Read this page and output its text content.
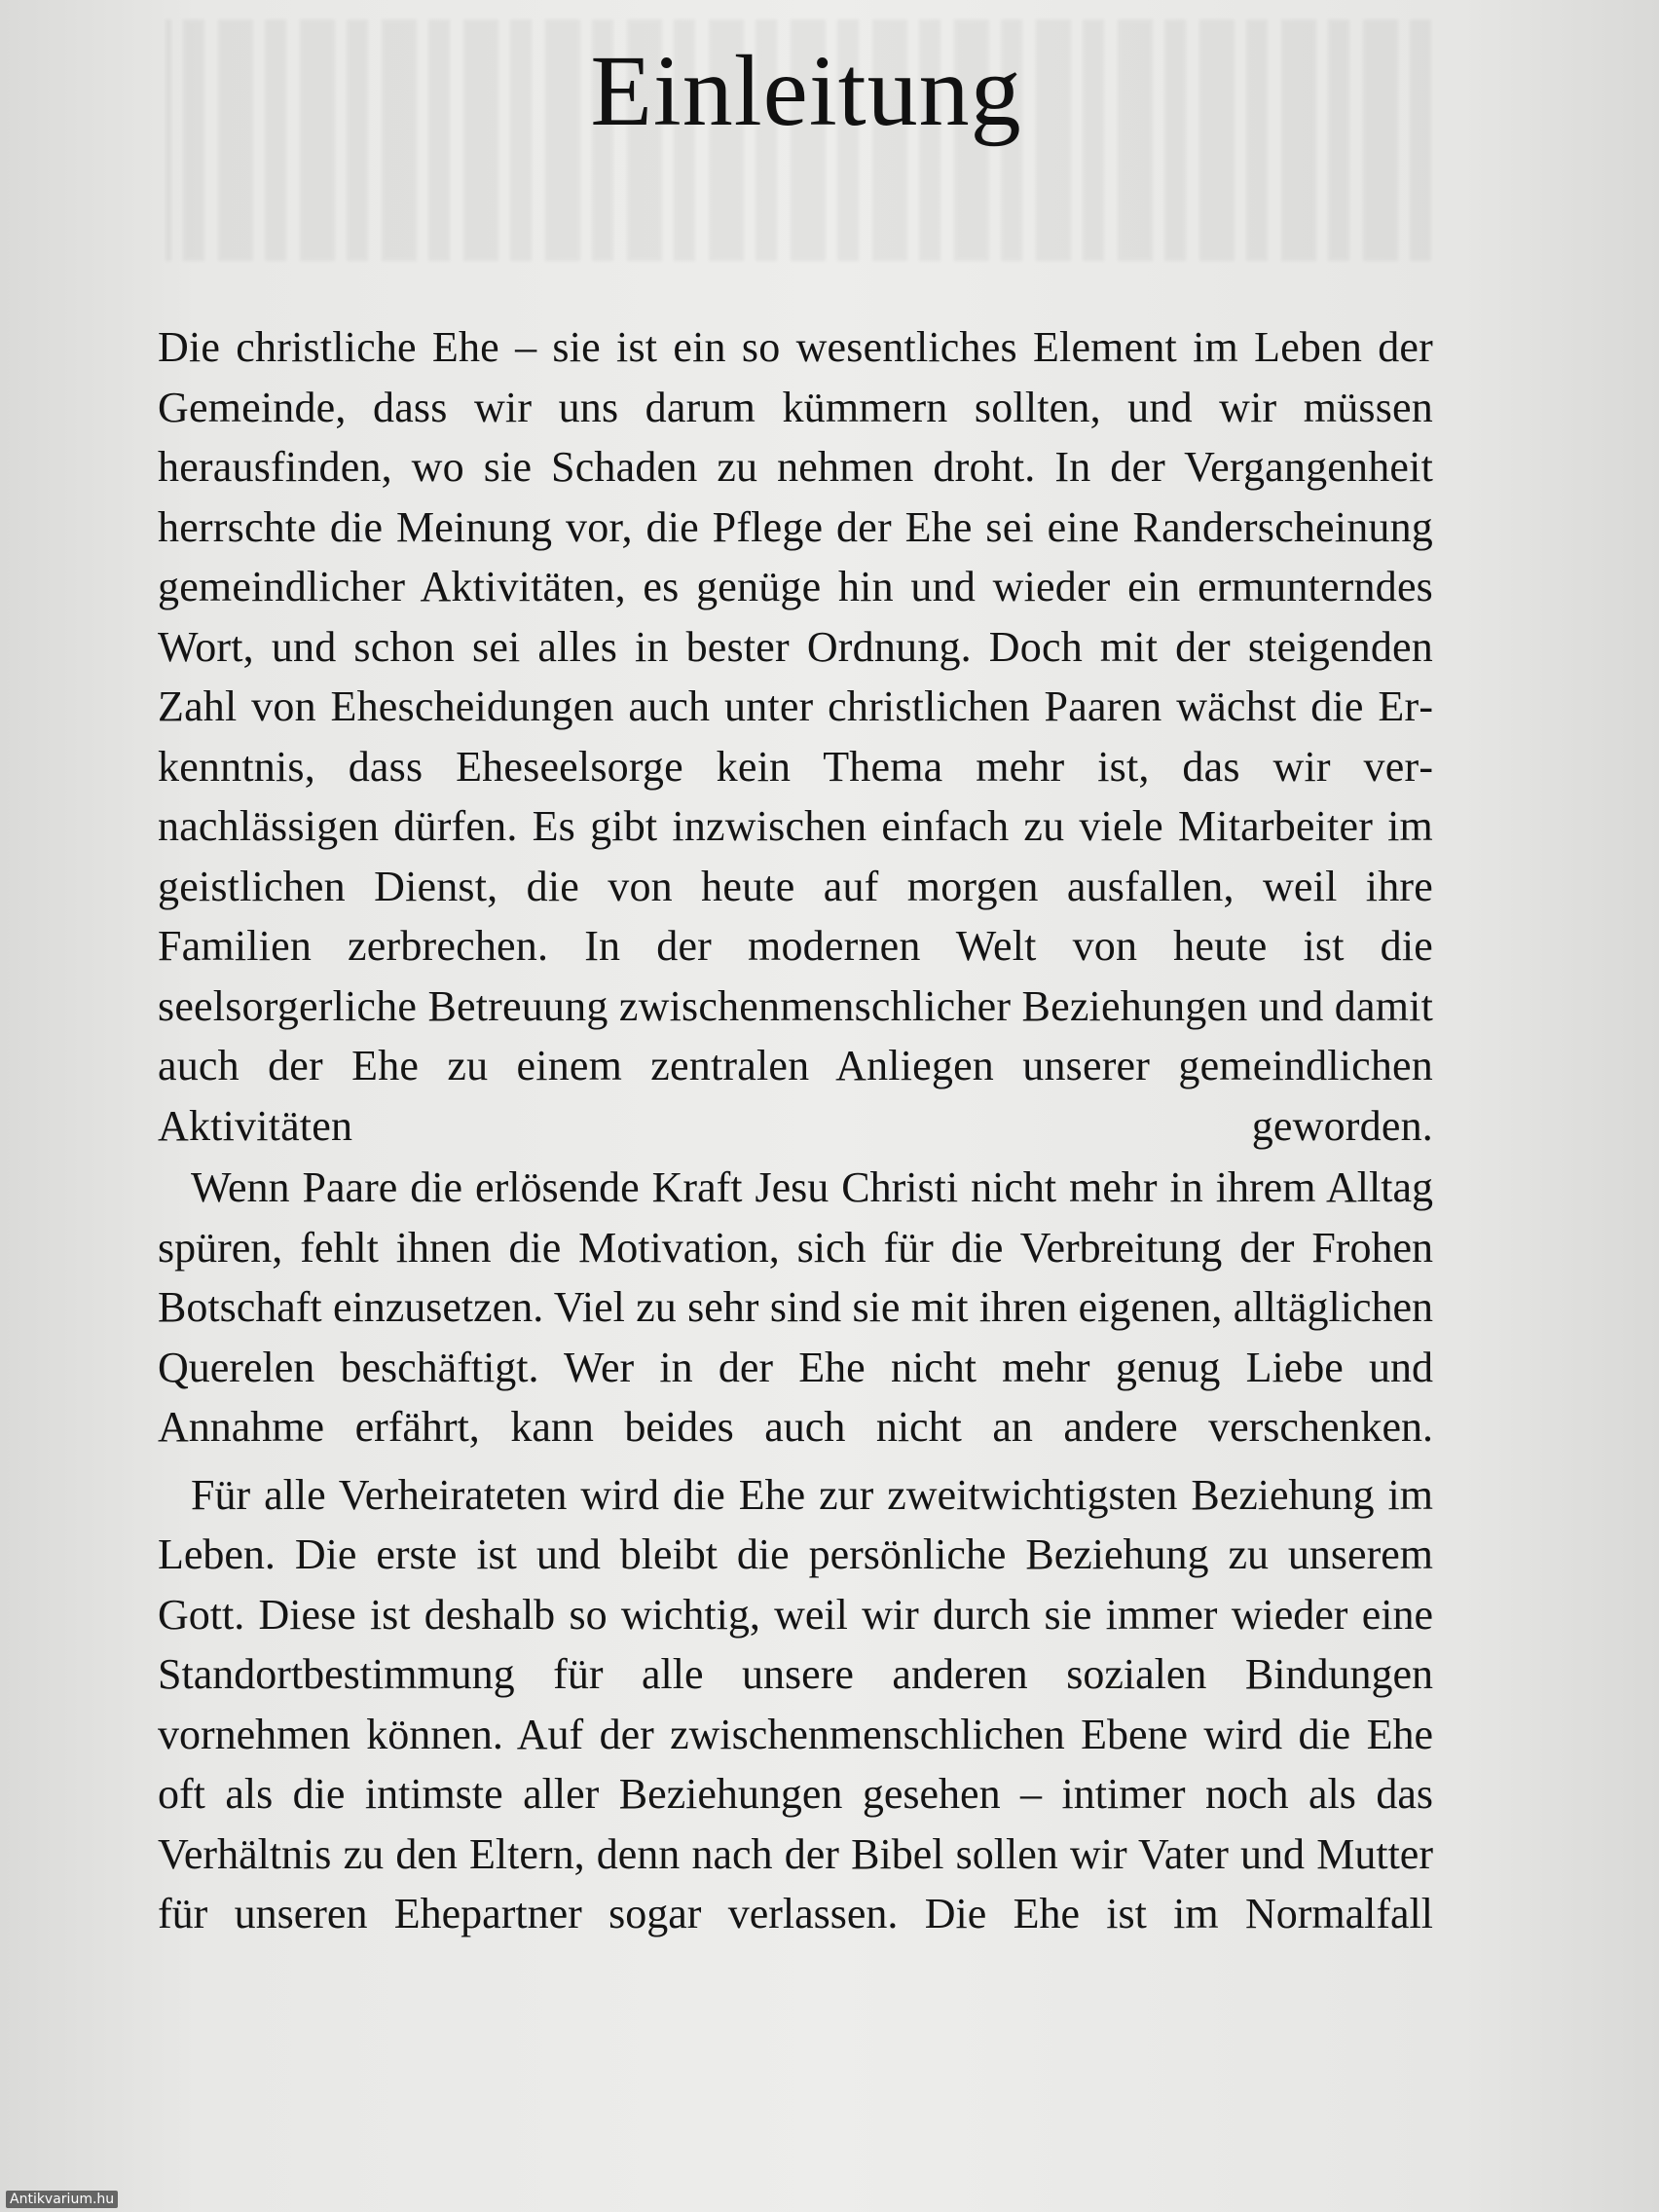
Einleitung

Die christliche Ehe – sie ist ein so wesentliches Element im Leben der Gemeinde, dass wir uns darum kümmern sollten, und wir müssen herausfinden, wo sie Schaden zu nehmen droht. In der Vergangenheit herrschte die Meinung vor, die Pflege der Ehe sei eine Randerscheinung gemeindlicher Aktivitäten, es genüge hin und wieder ein ermunterndes Wort, und schon sei alles in bester Ordnung. Doch mit der steigenden Zahl von Ehescheidungen auch unter christlichen Paaren wächst die Erkenntnis, dass Eheseelsorge kein Thema mehr ist, das wir vernachlässigen dürfen. Es gibt inzwischen einfach zu viele Mitarbeiter im geistlichen Dienst, die von heute auf morgen ausfallen, weil ihre Familien zerbrechen. In der modernen Welt von heute ist die seelsorgerliche Betreuung zwischenmenschlicher Beziehungen und damit auch der Ehe zu einem zentralen Anliegen unserer gemeindlichen Aktivitäten geworden.

Wenn Paare die erlösende Kraft Jesu Christi nicht mehr in ihrem Alltag spüren, fehlt ihnen die Motivation, sich für die Verbreitung der Frohen Botschaft einzusetzen. Viel zu sehr sind sie mit ihren eigenen, alltäglichen Querelen beschäftigt. Wer in der Ehe nicht mehr genug Liebe und Annahme erfährt, kann beides auch nicht an andere verschenken.

Für alle Verheirateten wird die Ehe zur zweitwichtigsten Beziehung im Leben. Die erste ist und bleibt die persönliche Beziehung zu unserem Gott. Diese ist deshalb so wichtig, weil wir durch sie immer wieder eine Standortbestimmung für alle unsere anderen sozialen Bindungen vornehmen können. Auf der zwischenmenschlichen Ebene wird die Ehe oft als die intimste aller Beziehungen gesehen – intimer noch als das Verhältnis zu den Eltern, denn nach der Bibel sollen wir Vater und Mutter für unseren Ehepartner sogar verlassen. Die Ehe ist im Normalfall

Antikvarium.hu
